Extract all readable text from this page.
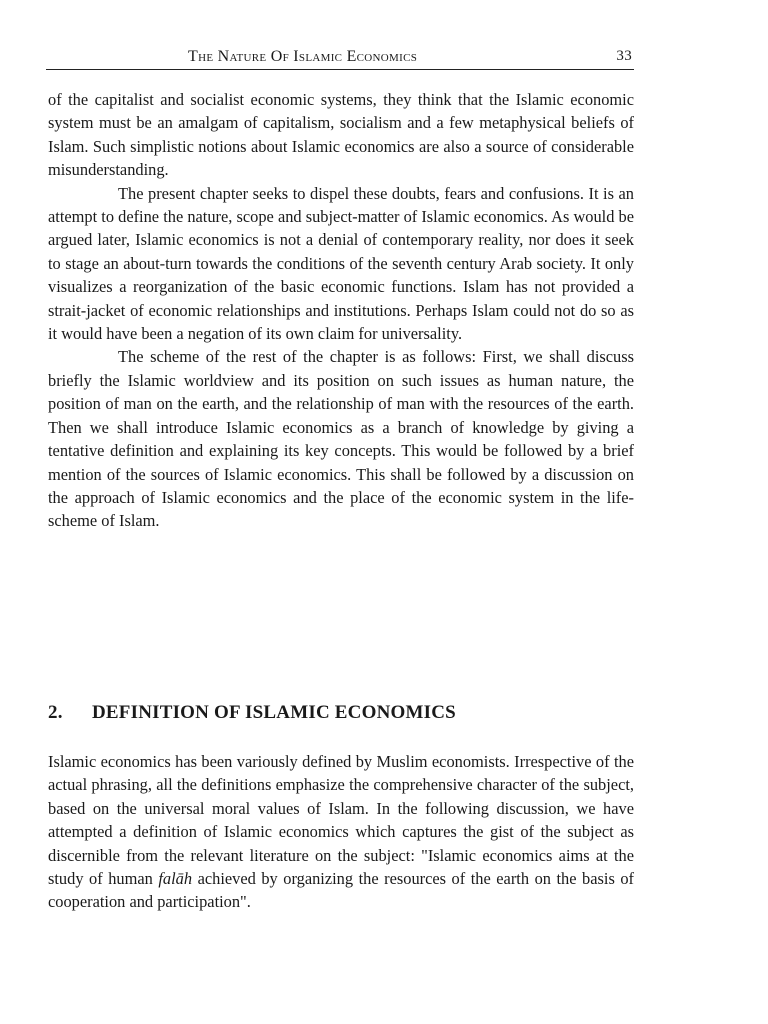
The Nature Of Islamic Economics	33

of the capitalist and socialist economic systems, they think that the Islamic economic system must be an amalgam of capitalism, socialism and a few metaphysical beliefs of Islam. Such simplistic notions about Islamic economics are also a source of considerable misunderstanding.

The present chapter seeks to dispel these doubts, fears and confusions. It is an attempt to define the nature, scope and subject-matter of Islamic economics. As would be argued later, Islamic economics is not a denial of contemporary reality, nor does it seek to stage an about-turn towards the conditions of the seventh century Arab society. It only visualizes a reorganization of the basic economic functions. Islam has not provided a strait-jacket of economic relationships and institutions. Perhaps Islam could not do so as it would have been a negation of its own claim for universality.

The scheme of the rest of the chapter is as follows: First, we shall discuss briefly the Islamic worldview and its position on such issues as human nature, the position of man on the earth, and the relationship of man with the resources of the earth. Then we shall introduce Islamic economics as a branch of knowledge by giving a tentative definition and explaining its key concepts. This would be followed by a brief mention of the sources of Islamic economics. This shall be followed by a discussion on the approach of Islamic economics and the place of the economic system in the life-scheme of Islam.

2. DEFINITION OF ISLAMIC ECONOMICS

Islamic economics has been variously defined by Muslim economists. Irrespective of the actual phrasing, all the definitions emphasize the comprehensive character of the subject, based on the universal moral values of Islam. In the following discussion, we have attempted a definition of Islamic economics which captures the gist of the subject as discernible from the relevant literature on the subject: "Islamic economics aims at the study of human falāh achieved by organizing the resources of the earth on the basis of cooperation and participation".
